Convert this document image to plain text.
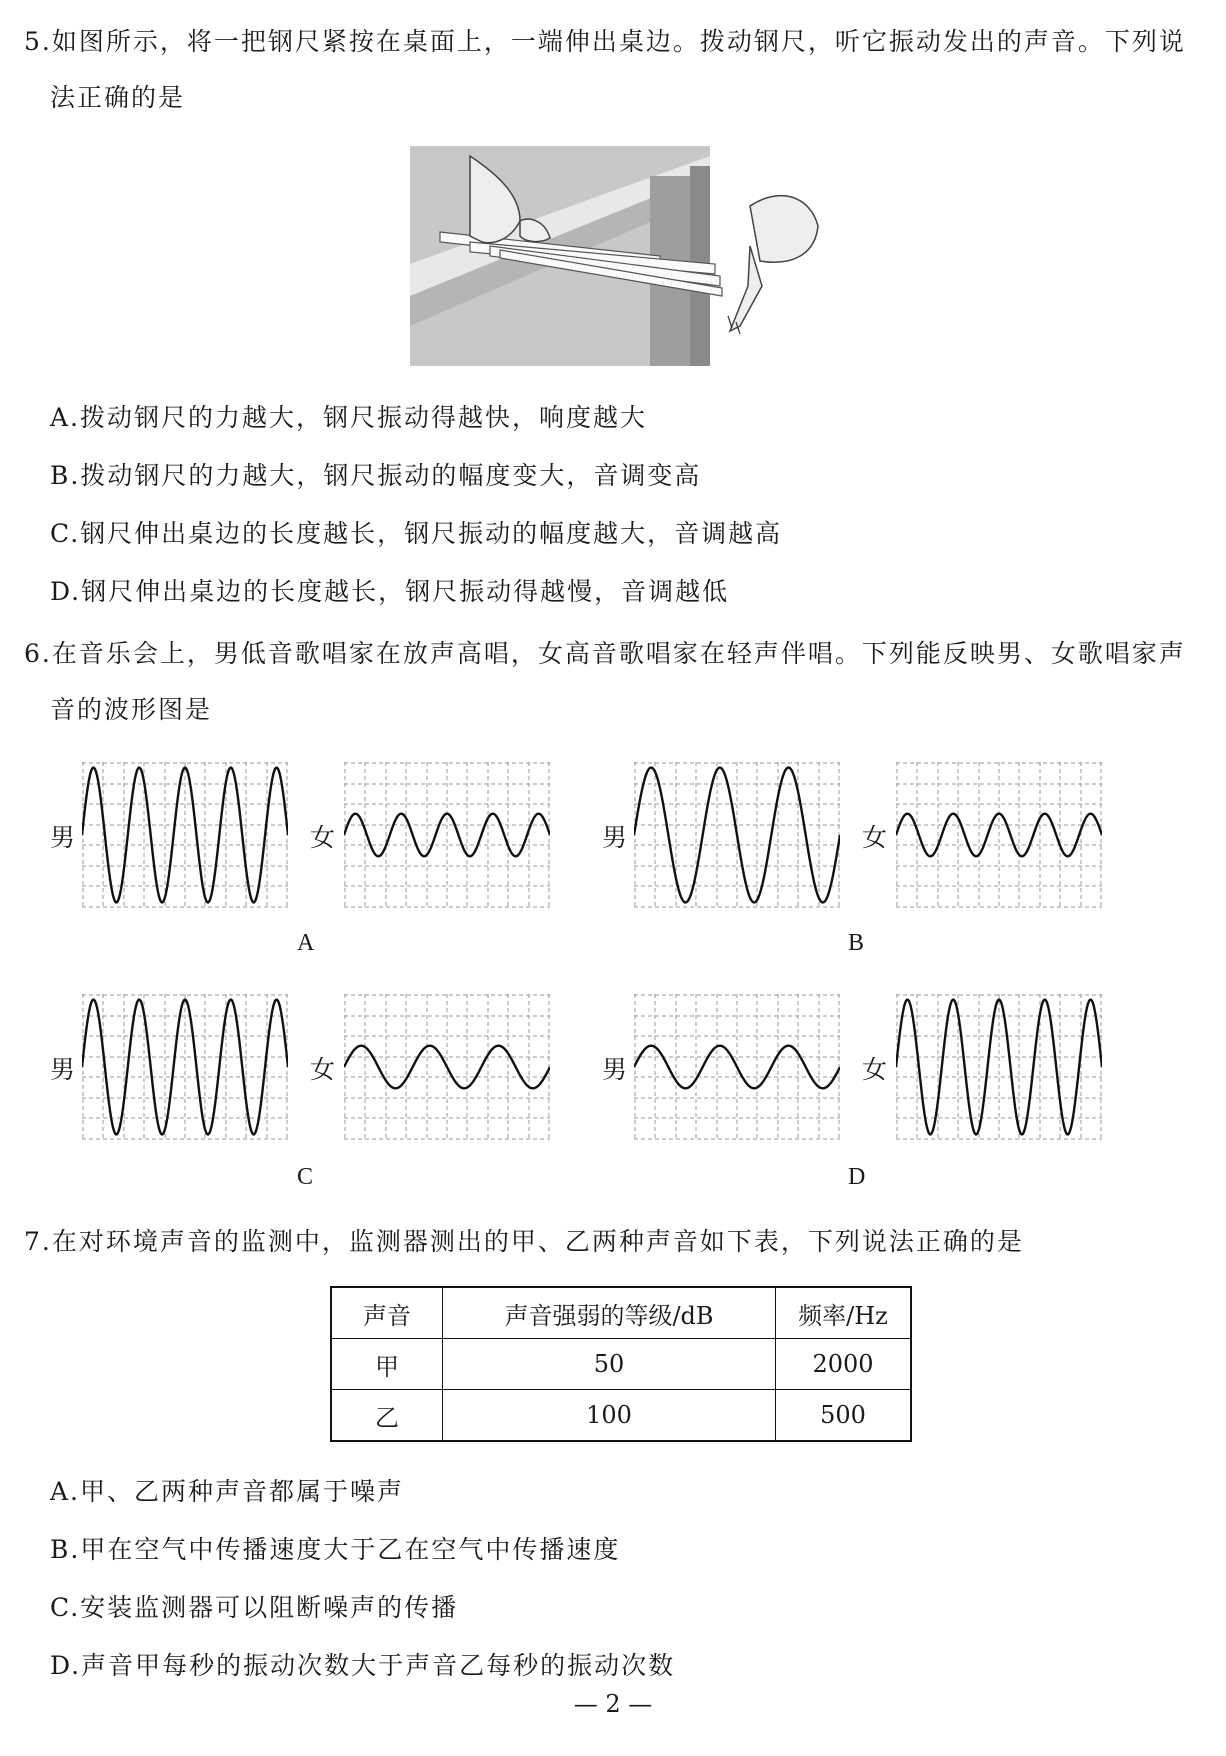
5.如图所示，将一把钢尺紧按在桌面上，一端伸出桌边。拨动钢尺，听它振动发出的声音。下列说
法正确的是
A.拨动钢尺的力越大，钢尺振动得越快，响度越大
B.拨动钢尺的力越大，钢尺振动的幅度变大，音调变高
C.钢尺伸出桌边的长度越长，钢尺振动的幅度越大，音调越高
D.钢尺伸出桌边的长度越长，钢尺振动得越慢，音调越低
6.在音乐会上，男低音歌唱家在放声高唱，女高音歌唱家在轻声伴唱。下列能反映男、女歌唱家声
音的波形图是
男	女
A
男	女
B
男	女
C
男	女
D
7.在对环境声音的监测中，监测器测出的甲、乙两种声音如下表，下列说法正确的是
声音	声音强弱的等级/dB	频率/Hz
甲	50	2000
乙	100	500
A.甲、乙两种声音都属于噪声
B.甲在空气中传播速度大于乙在空气中传播速度
C.安装监测器可以阻断噪声的传播
D.声音甲每秒的振动次数大于声音乙每秒的振动次数
— 2 —
